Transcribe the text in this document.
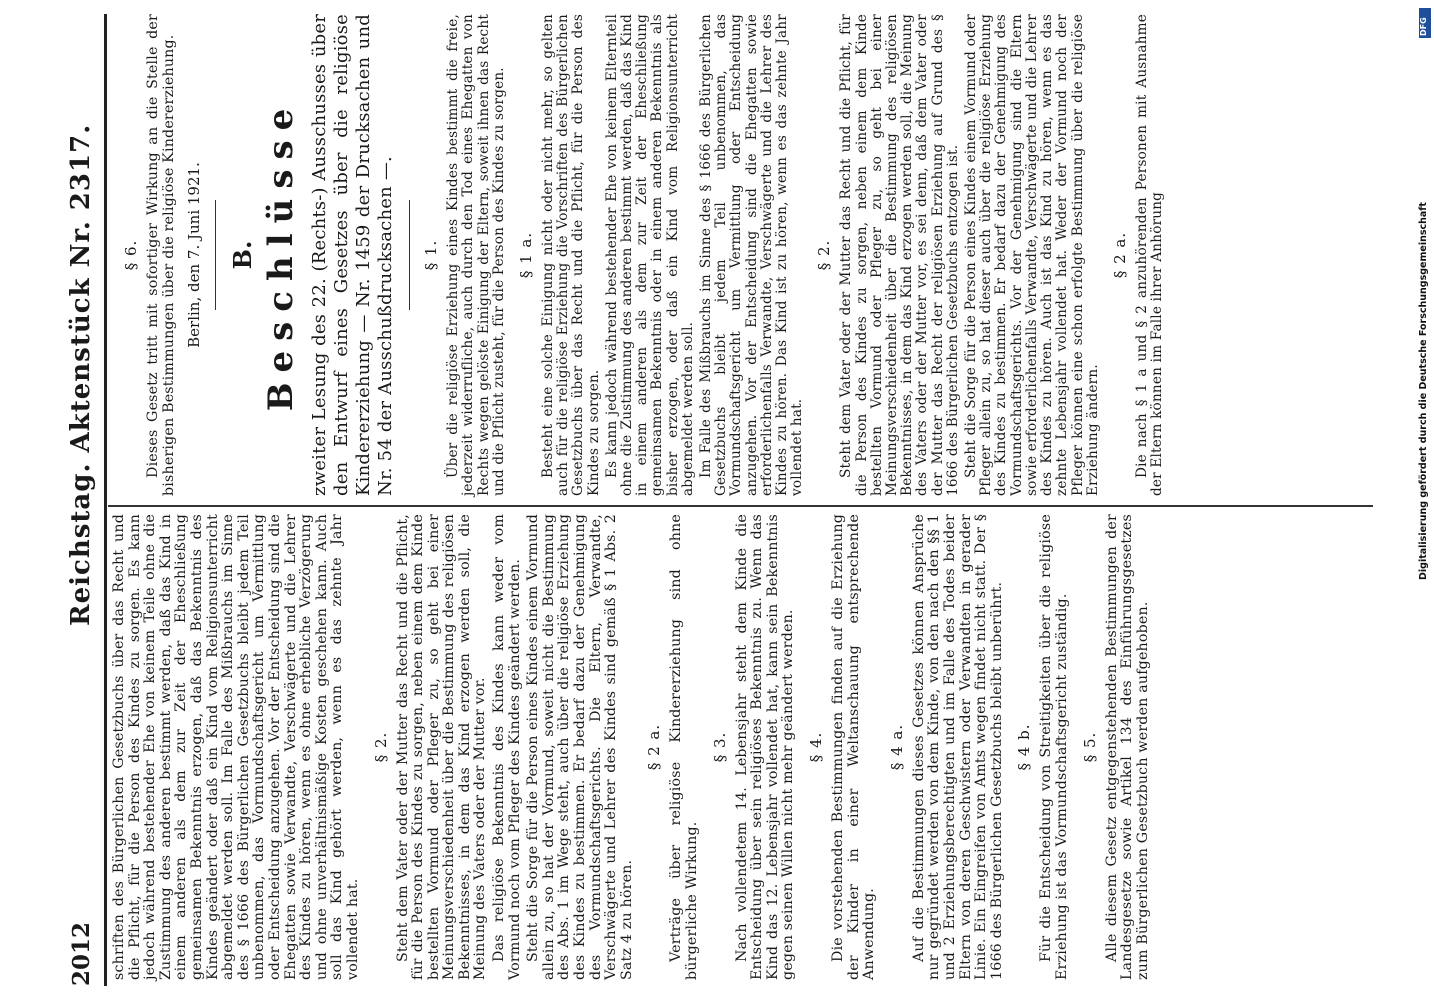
2012
Reichstag. Aktenstück Nr. 2317.

schriften des Bürgerlichen Gesetzbuchs über das Recht und die Pflicht, für die Person des Kindes zu sorgen. Es kann jedoch während bestehender Ehe von keinem Teile ohne die Zustimmung des anderen bestimmt werden, daß das Kind in einem anderen als dem zur Zeit der Eheschließung gemeinsamen Bekenntnis erzogen, daß das Bekenntnis des Kindes geändert oder daß ein Kind vom Religionsunterricht abgemeldet werden soll. Im Falle des Mißbrauchs im Sinne des § 1666 des Bürgerlichen Gesetzbuchs bleibt jedem Teil unbenommen, das Vormundschaftsgericht um Vermittlung oder Entscheidung anzugehen. Vor der Entscheidung sind die Ehegatten sowie Verwandte, Verschwägerte und die Lehrer des Kindes zu hören, wenn es ohne erhebliche Verzögerung und ohne unverhältnismäßige Kosten geschehen kann. Auch soll das Kind gehört werden, wenn es das zehnte Jahr vollendet hat.

§ 2. Steht dem Vater oder der Mutter das Recht und die Pflicht, für die Person des Kindes zu sorgen, neben einem dem Kinde bestellten Vormund oder Pfleger zu, so geht bei einer Meinungsverschiedenheit über die Bestimmung des religiösen Bekenntnisses, in dem das Kind erzogen werden soll, die Meinung des Vaters oder der Mutter vor. Das religiöse Bekenntnis des Kindes kann weder vom Vormund noch vom Pfleger des Kindes geändert werden. Steht die Sorge für die Person eines Kindes einem Vormund allein zu, so hat der Vormund, soweit nicht die Bestimmung des Abs. 1 im Wege steht, auch über die religiöse Erziehung des Kindes zu bestimmen. Er bedarf dazu der Genehmigung des Vormundschaftsgerichts. Die Eltern, Verwandte, Verschwägerte und Lehrer des Kindes sind gemäß § 1 Abs. 2 Satz 4 zu hören.

§ 2 a. Verträge über religiöse Kindererziehung sind ohne bürgerliche Wirkung.

§ 3. Nach vollendetem 14. Lebensjahr steht dem Kinde die Entscheidung über sein religiöses Bekenntnis zu. Wenn das Kind das 12. Lebensjahr vollendet hat, kann sein Bekenntnis gegen seinen Willen nicht mehr geändert werden. § 4. Die vorstehenden Bestimmungen finden auf die Erziehung der Kinder in einer Weltanschauung entsprechende Anwendung.

§ 4 a. Auf die Bestimmungen dieses Gesetzes können Ansprüche nur gegründet werden von dem Kinde, von den nach den §§ 1 und 2 Erziehungsberechtigten und im Falle des Todes beider Eltern von deren Geschwistern oder Verwandten in gerader Linie. Ein Eingreifen von Amts wegen findet nicht statt. Der § 1666 des Bürgerlichen Gesetzbuchs bleibt unberührt. § 4 b. Für die Entscheidung von Streitigkeiten über die religiöse Erziehung ist das Vormundschaftsgericht zuständig. § 5. Alle diesem Gesetz entgegenstehenden Bestimmungen der Landesgesetze sowie Artikel 134 des Einführungsgesetzes zum Bürgerlichen Gesetzbuch werden aufgehoben.

§ 6. Dieses Gesetz tritt mit sofortiger Wirkung an die Stelle der bisherigen Bestimmungen über die religiöse Kindererziehung. Berlin, den 7. Juni 1921. B. Beschlüsse zweiter Lesung des 22. (Rechts-) Ausschusses über den Entwurf eines Gesetzes über die religiöse Kindererziehung — Nr. 1459 der Drucksachen und Nr. 54 der Ausschußdrucksachen —. § 1. Über die religiöse Erziehung eines Kindes bestimmt die freie, jederzeit widerrufliche, auch durch den Tod eines Ehegatten von Rechts wegen gelöste Einigung der Eltern, soweit ihnen das Recht und die Pflicht zusteht, für die Person des Kindes zu sorgen. § 1 a. Besteht eine solche Einigung nicht oder nicht mehr, so gelten auch für die religiöse Erziehung die Vorschriften des Bürgerlichen Gesetzbuchs über das Recht und die Pflicht, für die Person des Kindes zu sorgen. Es kann jedoch während bestehender Ehe von keinem Elternteil ohne die Zustimmung des anderen bestimmt werden, daß das Kind in einem anderen als dem zur Zeit der Eheschließung gemeinsamen Bekenntnis oder in einem anderen Bekenntnis als bisher erzogen, oder daß ein Kind vom Religionsunterricht abgemeldet werden soll. Im Falle des Mißbrauchs im Sinne des § 1666 des Bürgerlichen Gesetzbuchs bleibt jedem Teil unbenommen, das Vormundschaftsgericht um Vermittlung oder Entscheidung anzugehen. Vor der Entscheidung sind die Ehegatten sowie erforderlichenfalls Verwandte, Verschwägerte und die Lehrer des Kindes zu hören. Das Kind ist zu hören, wenn es das zehnte Jahr vollendet hat.

§ 2. Steht dem Vater oder der Mutter das Recht und die Pflicht, für die Person des Kindes zu sorgen, neben einem dem Kinde bestellten Vormund oder Pfleger zu, so geht bei einer Meinungsverschiedenheit über die Bestimmung des religiösen Bekenntnisses, in dem das Kind erzogen werden soll, die Meinung des Vaters oder der Mutter vor, es sei denn, daß dem Vater oder der Mutter das Recht der religiösen Erziehung auf Grund des § 1666 des Bürgerlichen Gesetzbuchs entzogen ist. Steht die Sorge für die Person eines Kindes einem Vormund oder Pfleger allein zu, so hat dieser auch über die religiöse Erziehung des Kindes zu bestimmen. Er bedarf dazu der Genehmigung des Vormundschaftsgerichts. Vor der Genehmigung sind die Eltern sowie erforderlichenfalls Verwandte, Verschwägerte und die Lehrer des Kindes zu hören. Auch ist das Kind zu hören, wenn es das zehnte Lebensjahr vollendet hat. Weder der Vormund noch der Pfleger können eine schon erfolgte Bestimmung über die religiöse Erziehung ändern.

§ 2 a. Die nach § 1 a und § 2 anzuhörenden Personen mit Ausnahme der Eltern können im Falle ihrer Anhörung

DFG
Digitalisierung gefördert durch die Deutsche Forschungsgemeinschaft
